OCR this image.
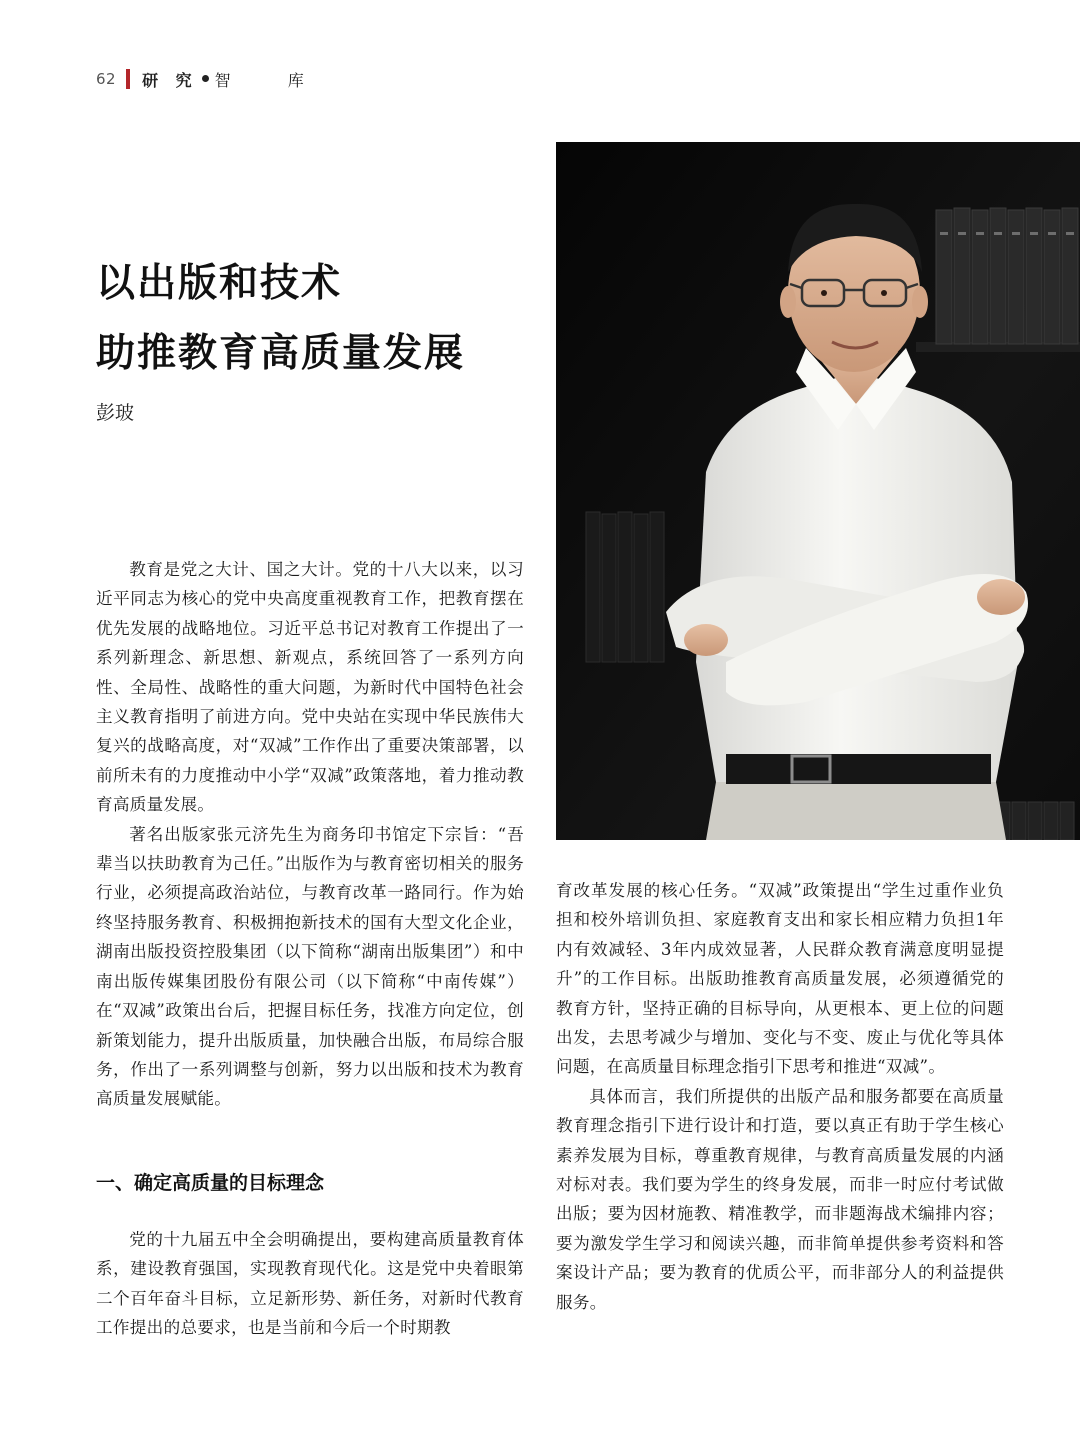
62 研 究 智 库
以出版和技术
助推教育高质量发展
彭玻

教育是党之大计、国之大计。党的十八大以来，以习近平同志为核心的党中央高度重视教育工作，把教育摆在优先发展的战略地位。习近平总书记对教育工作提出了一系列新理念、新思想、新观点，系统回答了一系列方向性、全局性、战略性的重大问题，为新时代中国特色社会主义教育指明了前进方向。党中央站在实现中华民族伟大复兴的战略高度，对“双减”工作作出了重要决策部署，以前所未有的力度推动中小学“双减”政策落地，着力推动教育高质量发展。

著名出版家张元济先生为商务印书馆定下宗旨：“吾辈当以扶助教育为己任。”出版作为与教育密切相关的服务行业，必须提高政治站位，与教育改革一路同行。作为始终坚持服务教育、积极拥抱新技术的国有大型文化企业，湖南出版投资控股集团（以下简称“湖南出版集团”）和中南出版传媒集团股份有限公司（以下简称“中南传媒”）在“双减”政策出台后，把握目标任务，找准方向定位，创新策划能力，提升出版质量，加快融合出版，布局综合服务，作出了一系列调整与创新，努力以出版和技术为教育高质量发展赋能。

一、确定高质量的目标理念

党的十九届五中全会明确提出，要构建高质量教育体系，建设教育强国，实现教育现代化。这是党中央着眼第二个百年奋斗目标，立足新形势、新任务，对新时代教育工作提出的总要求，也是当前和今后一个时期教

育改革发展的核心任务。“双减”政策提出“学生过重作业负担和校外培训负担、家庭教育支出和家长相应精力负担1年内有效减轻、3年内成效显著，人民群众教育满意度明显提升”的工作目标。出版助推教育高质量发展，必须遵循党的教育方针，坚持正确的目标导向，从更根本、更上位的问题出发，去思考减少与增加、变化与不变、废止与优化等具体问题，在高质量目标理念指引下思考和推进“双减”。

具体而言，我们所提供的出版产品和服务都要在高质量教育理念指引下进行设计和打造，要以真正有助于学生核心素养发展为目标，尊重教育规律，与教育高质量发展的内涵对标对表。我们要为学生的终身发展，而非一时应付考试做出版；要为因材施教、精准教学，而非题海战术编排内容；要为激发学生学习和阅读兴趣，而非简单提供参考资料和答案设计产品；要为教育的优质公平，而非部分人的利益提供服务。
